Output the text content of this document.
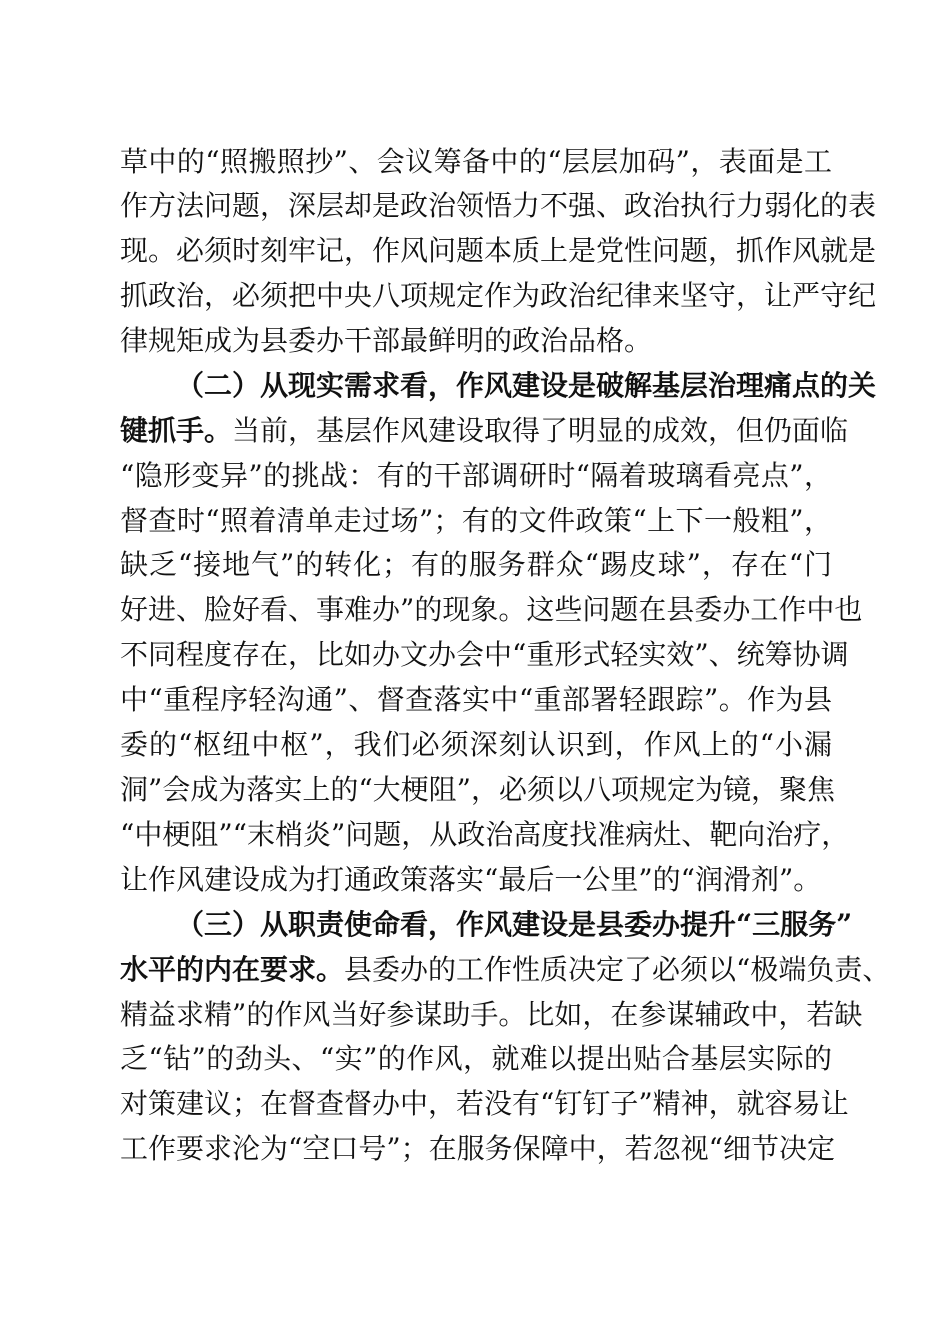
草中的“照搬照抄”、会议筹备中的“层层加码”，表面是工
作方法问题，深层却是政治领悟力不强、政治执行力弱化的表
现。必须时刻牢记，作风问题本质上是党性问题，抓作风就是
抓政治，必须把中央八项规定作为政治纪律来坚守，让严守纪
律规矩成为县委办干部最鲜明的政治品格。
（二）从现实需求看，作风建设是破解基层治理痛点的关
键抓手。当前，基层作风建设取得了明显的成效，但仍面临
“隐形变异”的挑战：有的干部调研时“隔着玻璃看亮点”，
督查时“照着清单走过场”；有的文件政策“上下一般粗”，
缺乏“接地气”的转化；有的服务群众“踢皮球”，存在“门
好进、脸好看、事难办”的现象。这些问题在县委办工作中也
不同程度存在，比如办文办会中“重形式轻实效”、统筹协调
中“重程序轻沟通”、督查落实中“重部署轻跟踪”。作为县
委的“枢纽中枢”，我们必须深刻认识到，作风上的“小漏
洞”会成为落实上的“大梗阻”，必须以八项规定为镜，聚焦
“中梗阻”“末梢炎”问题，从政治高度找准病灶、靶向治疗，
让作风建设成为打通政策落实“最后一公里”的“润滑剂”。
（三）从职责使命看，作风建设是县委办提升“三服务”
水平的内在要求。县委办的工作性质决定了必须以“极端负责、
精益求精”的作风当好参谋助手。比如，在参谋辅政中，若缺
乏“钻”的劲头、“实”的作风，就难以提出贴合基层实际的
对策建议；在督查督办中，若没有“钉钉子”精神，就容易让
工作要求沦为“空口号”；在服务保障中，若忽视“细节决定
